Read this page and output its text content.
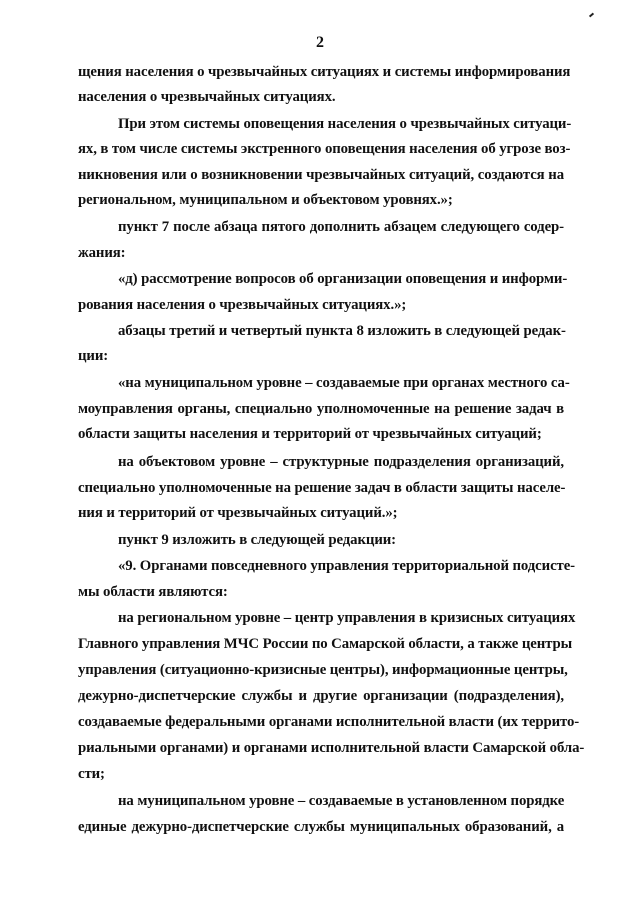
2
щения населения о чрезвычайных ситуациях и системы информирования
населения о чрезвычайных ситуациях.
При этом системы оповещения населения о чрезвычайных ситуаци-
ях, в том числе системы экстренного оповещения населения об угрозе воз-
никновения или о возникновении чрезвычайных ситуаций, создаются на
региональном, муниципальном и объектовом уровнях.»;
пункт 7 после абзаца пятого дополнить абзацем следующего содер-
жания:
«д) рассмотрение вопросов об организации оповещения и информи-
рования населения о чрезвычайных ситуациях.»;
абзацы третий и четвертый пункта 8 изложить в следующей редак-
ции:
«на муниципальном уровне – создаваемые при органах местного са-
моуправления органы, специально уполномоченные на решение задач в
области защиты населения и территорий от чрезвычайных ситуаций;
на объектовом уровне – структурные подразделения организаций,
специально уполномоченные на решение задач в области защиты населе-
ния и территорий от чрезвычайных ситуаций.»;
пункт 9 изложить в следующей редакции:
«9. Органами повседневного управления территориальной подсисте-
мы области являются:
на региональном уровне – центр управления в кризисных ситуациях
Главного управления МЧС России по Самарской области, а также центры
управления (ситуационно-кризисные центры), информационные центры,
дежурно-диспетчерские службы и другие организации (подразделения),
создаваемые федеральными органами исполнительной власти (их террито-
риальными органами) и органами исполнительной власти Самарской обла-
сти;
на муниципальном уровне – создаваемые в установленном порядке
единые дежурно-диспетчерские службы муниципальных образований, а
